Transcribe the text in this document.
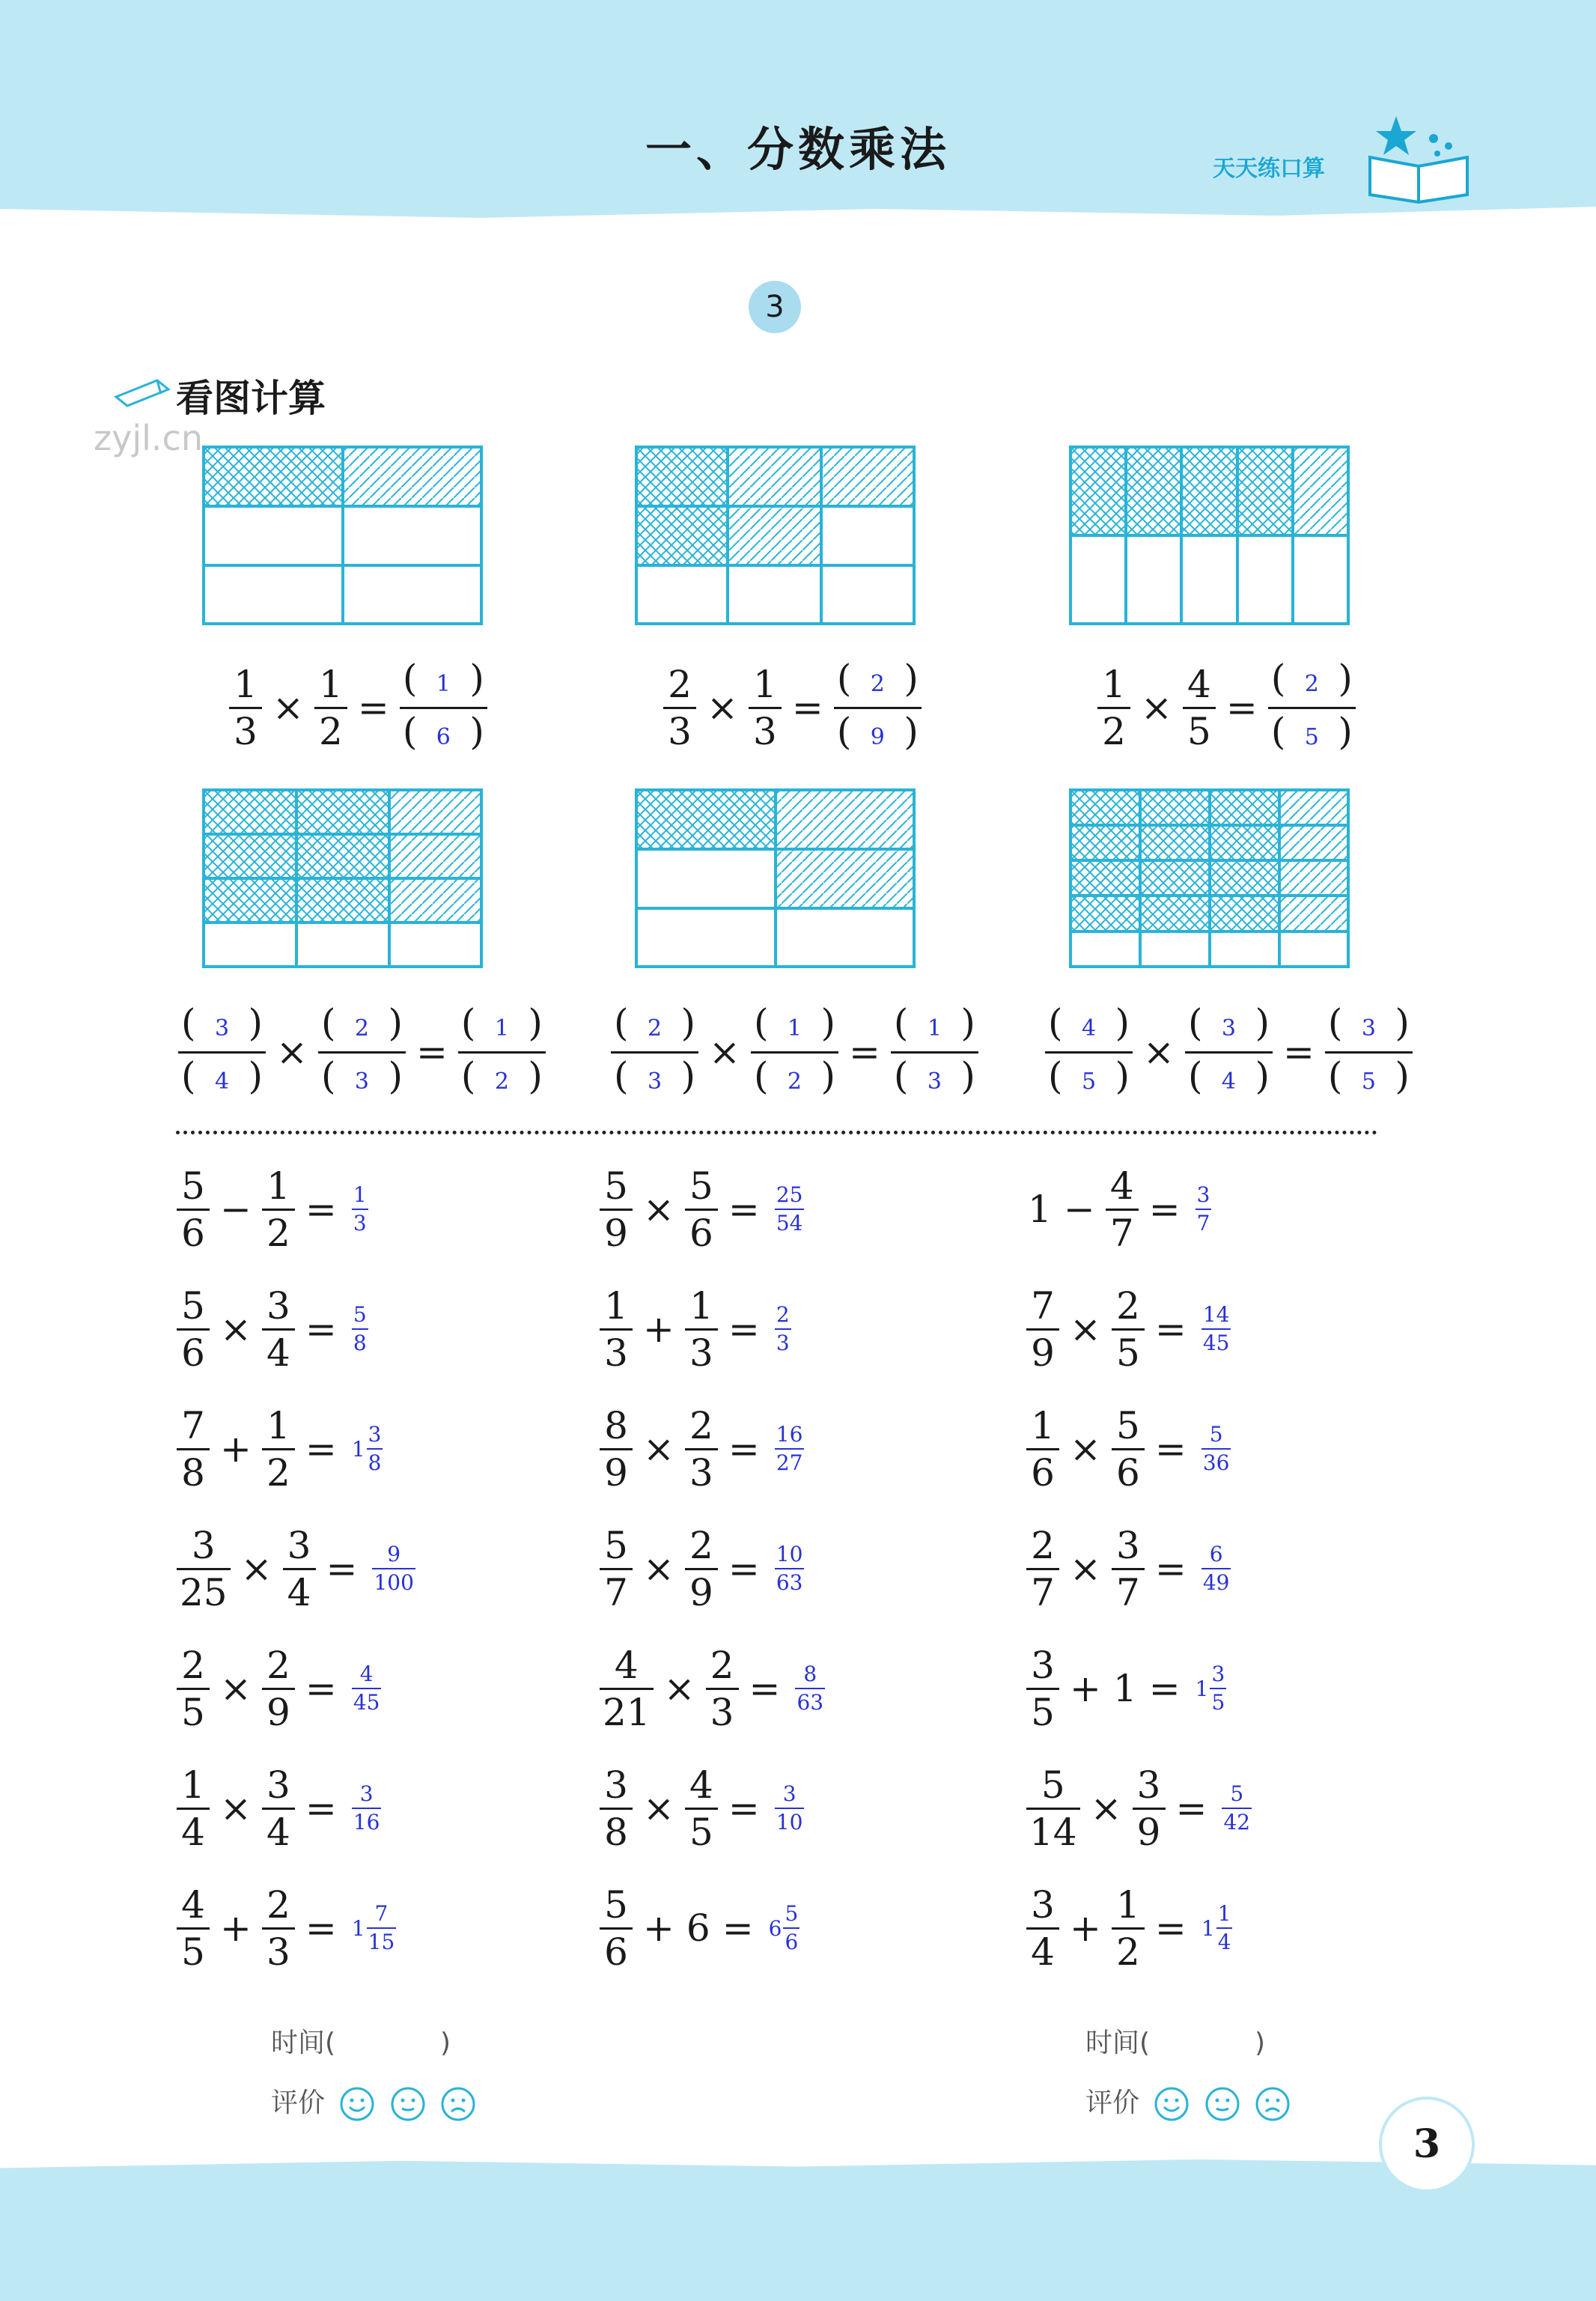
一、分数乘法	天天练口算
3
看图计算
zyjl.cn
1
3
×
1
2
=
( 1 )
( 6 )
2
3
×
1
3
=
( 2 )
( 9 )
1
2
×
4
5
=
( 2 )
( 5 )
( 3 )
( 4 )
×
( 2 )
( 3 )
=
( 1 )
( 2 )
( 2 )
( 3 )
×
( 1 )
( 2 )
=
( 1 )
( 3 )
( 4 )
( 5 )
×
( 3 )
( 4 )
=
( 3 )
( 5 )
5
6
−
1
2
= 1
3
5
6
×
3
4
= 5
8
7
8
+
1
2
= 1
3
8
3
25
×
3
4
= 9
100
2
5
×
2
9
= 4
45
1
4
×
3
4
= 3
16
4
5
+
2
3
= 1
7
15
5
9
×
5
6
= 25
54
1
3
+
1
3
= 2
3
8
9
×
2
3
= 16
27
5
7
×
2
9
= 10
63
4
21
×
2
3
= 8
63
3
8
×
4
5
= 3
10
5
6
+ 6 = 6
5
6
1 −
4
7
= 3
7
7
9
×
2
5
= 14
45
1
6
×
5
6
= 5
36
2
7
×
3
7
= 6
49
3
5
+ 1 = 1
3
5
5
14
×
3
9
= 5
42
3
4
+
1
2
= 1
1
4
时间(	)
评价
时间(	)
评价
3
